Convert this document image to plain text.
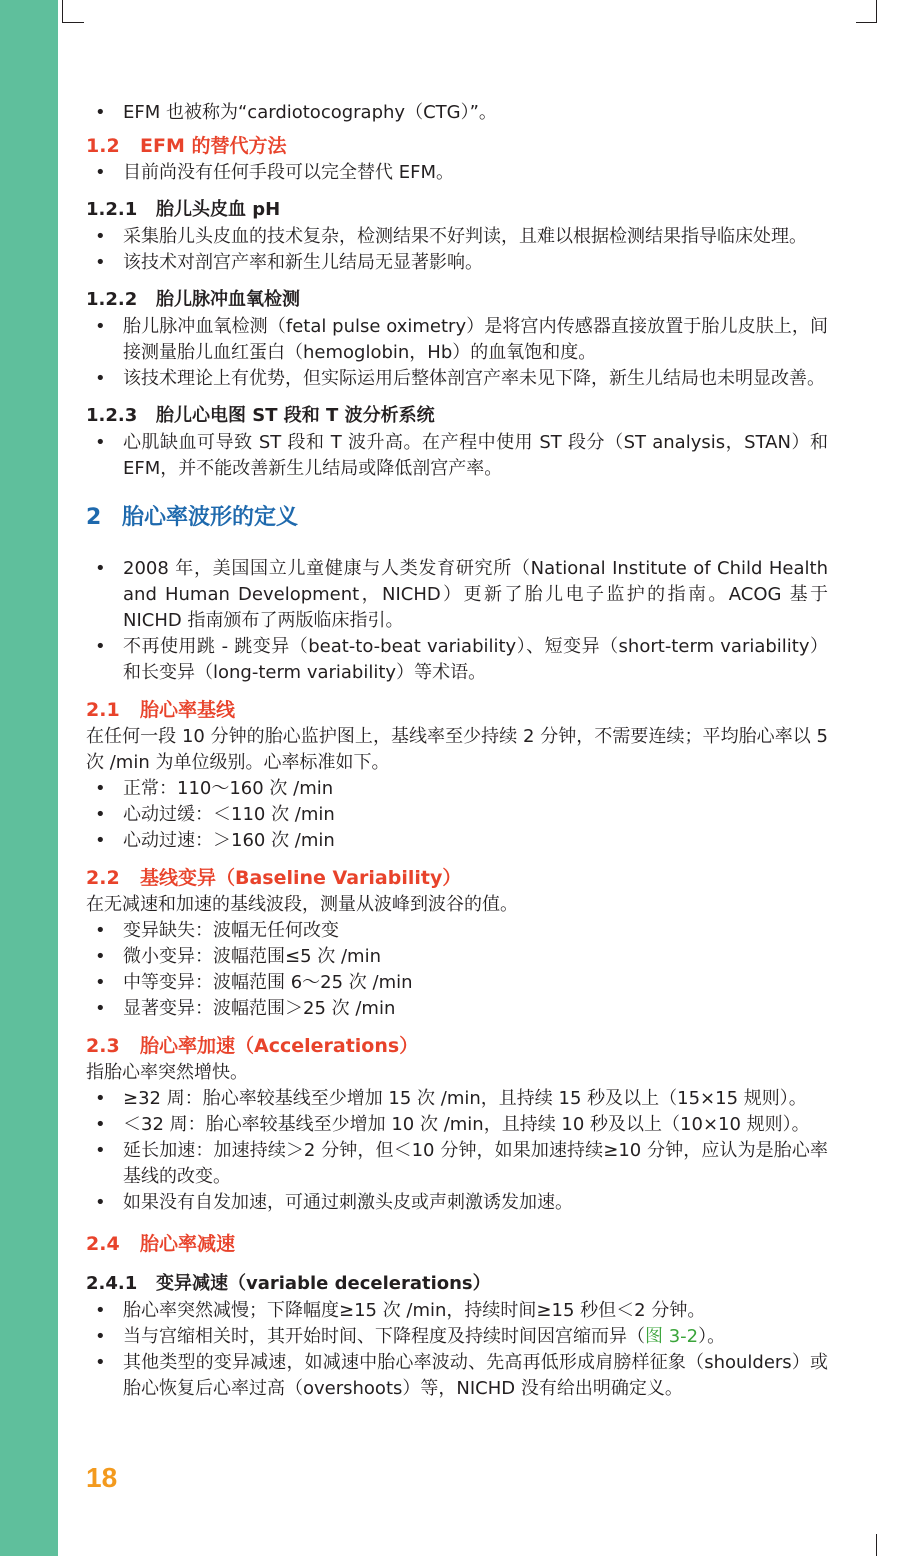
• EFM 也被称为“cardiotocography（CTG）”。
1.2 EFM 的替代方法
• 目前尚没有任何手段可以完全替代 EFM。
1.2.1 胎儿头皮血 pH
• 采集胎儿头皮血的技术复杂，检测结果不好判读，且难以根据检测结果指导临床处理。
• 该技术对剖宫产率和新生儿结局无显著影响。
1.2.2 胎儿脉冲血氧检测
• 胎儿脉冲血氧检测（fetal pulse oximetry）是将宫内传感器直接放置于胎儿皮肤上，间接测量胎儿血红蛋白（hemoglobin，Hb）的血氧饱和度。
• 该技术理论上有优势，但实际运用后整体剖宫产率未见下降，新生儿结局也未明显改善。
1.2.3 胎儿心电图 ST 段和 T 波分析系统
• 心肌缺血可导致 ST 段和 T 波升高。在产程中使用 ST 段分（ST analysis，STAN）和 EFM，并不能改善新生儿结局或降低剖宫产率。
2 胎心率波形的定义
• 2008 年，美国国立儿童健康与人类发育研究所（National Institute of Child Health and Human Development，NICHD）更新了胎儿电子监护的指南。ACOG 基于 NICHD 指南颁布了两版临床指引。
• 不再使用跳 - 跳变异（beat-to-beat variability）、短变异（short-term variability）和长变异（long-term variability）等术语。
2.1 胎心率基线
在任何一段 10 分钟的胎心监护图上，基线率至少持续 2 分钟，不需要连续；平均胎心率以 5 次 /min 为单位级别。心率标准如下。
• 正常：110～160 次 /min
• 心动过缓：＜110 次 /min
• 心动过速：＞160 次 /min
2.2 基线变异（Baseline Variability）
在无减速和加速的基线波段，测量从波峰到波谷的值。
• 变异缺失：波幅无任何改变
• 微小变异：波幅范围≤5 次 /min
• 中等变异：波幅范围 6～25 次 /min
• 显著变异：波幅范围＞25 次 /min
2.3 胎心率加速（Accelerations）
指胎心率突然增快。
• ≥32 周：胎心率较基线至少增加 15 次 /min，且持续 15 秒及以上（15×15 规则）。
• ＜32 周：胎心率较基线至少增加 10 次 /min，且持续 10 秒及以上（10×10 规则）。
• 延长加速：加速持续＞2 分钟，但＜10 分钟，如果加速持续≥10 分钟，应认为是胎心率基线的改变。
• 如果没有自发加速，可通过刺激头皮或声刺激诱发加速。
2.4 胎心率减速
2.4.1 变异减速（variable decelerations）
• 胎心率突然减慢；下降幅度≥15 次 /min，持续时间≥15 秒但＜2 分钟。
• 当与宫缩相关时，其开始时间、下降程度及持续时间因宫缩而异（图 3-2）。
• 其他类型的变异减速，如减速中胎心率波动、先高再低形成肩膀样征象（shoulders）或胎心恢复后心率过高（overshoots）等，NICHD 没有给出明确定义。
18
